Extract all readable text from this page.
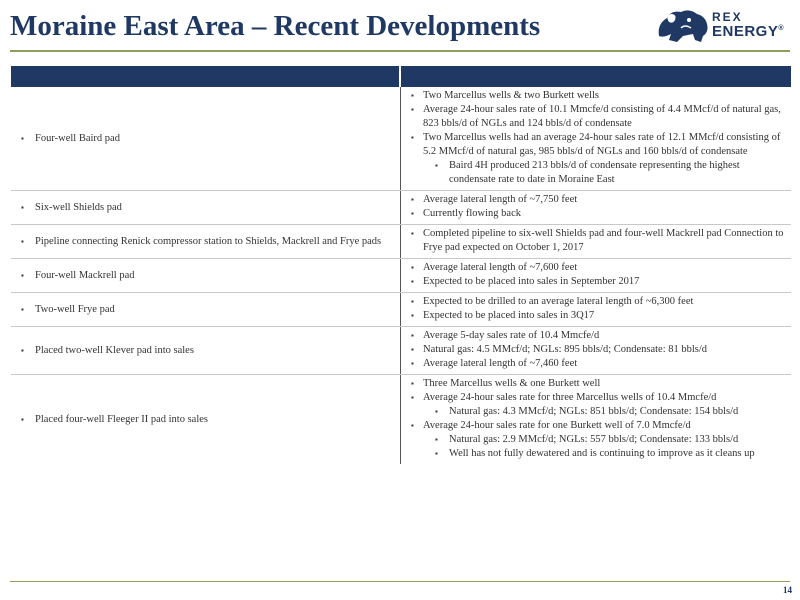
Moraine East Area – Recent Developments	REX
ENERGY®
▪ Four-well Baird pad
▪ Two Marcellus wells & two Burkett wells
▪ Average 24-hour sales rate of 10.1 Mmcfe/d consisting of 4.4 MMcf/d of natural gas, 823 bbls/d of NGLs and 124 bbls/d of condensate
▪ Two Marcellus wells had an average 24-hour sales rate of 12.1 MMcf/d consisting of 5.2 MMcf/d of natural gas, 985 bbls/d of NGLs and 160 bbls/d of condensate
▪ Baird 4H produced 213 bbls/d of condensate representing the highest condensate rate to date in Moraine East
▪ Six-well Shields pad
▪ Average lateral length of ~7,750 feet
▪ Currently flowing back
▪ Pipeline connecting Renick compressor station to Shields, Mackrell and Frye pads
▪ Completed pipeline to six-well Shields pad and four-well Mackrell pad Connection to Frye pad expected on October 1, 2017
▪ Four-well Mackrell pad
▪ Average lateral length of ~7,600 feet
▪ Expected to be placed into sales in September 2017
▪ Two-well Frye pad
▪ Expected to be drilled to an average lateral length of ~6,300 feet
▪ Expected to be placed into sales in 3Q17
▪ Placed two-well Klever pad into sales
▪ Average 5-day sales rate of 10.4 Mmcfe/d
▪ Natural gas: 4.5 MMcf/d; NGLs: 895 bbls/d; Condensate: 81 bbls/d
▪ Average lateral length of ~7,460 feet
▪ Placed four-well Fleeger II pad into sales
▪ Three Marcellus wells & one Burkett well
▪ Average 24-hour sales rate for three Marcellus wells of 10.4 Mmcfe/d
▪ Natural gas: 4.3 MMcf/d; NGLs: 851 bbls/d; Condensate: 154 bbls/d
▪ Average 24-hour sales rate for one Burkett well of 7.0 Mmcfe/d
▪ Natural gas: 2.9 MMcf/d; NGLs: 557 bbls/d; Condensate: 133 bbls/d
▪ Well has not fully dewatered and is continuing to improve as it cleans up
14
